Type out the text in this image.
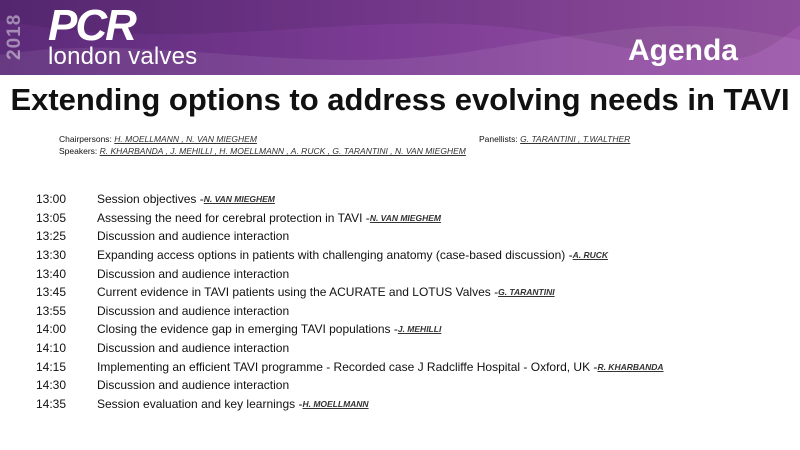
2018 PCR
london valves	Agenda
Extending options to address evolving needs in TAVI
Chairpersons: H. MOELLMANN , N. VAN MIEGHEM	Panellists: G. TARANTINI , T.WALTHER
Speakers: R. KHARBANDA , J. MEHILLI , H. MOELLMANN , A. RUCK , G. TARANTINI , N. VAN MIEGHEM
13:00	Session objectives - N. VAN MIEGHEM
13:05	Assessing the need for cerebral protection in TAVI - N. VAN MIEGHEM
13:25	Discussion and audience interaction
13:30	Expanding access options in patients with challenging anatomy (case-based discussion) - A. RUCK
13:40	Discussion and audience interaction
13:45	Current evidence in TAVI patients using the ACURATE and LOTUS Valves - G. TARANTINI
13:55	Discussion and audience interaction
14:00	Closing the evidence gap in emerging TAVI populations - J. MEHILLI
14:10	Discussion and audience interaction
14:15	Implementing an efficient TAVI programme - Recorded case J Radcliffe Hospital - Oxford, UK - R. KHARBANDA
14:30	Discussion and audience interaction
14:35	Session evaluation and key learnings - H. MOELLMANN
